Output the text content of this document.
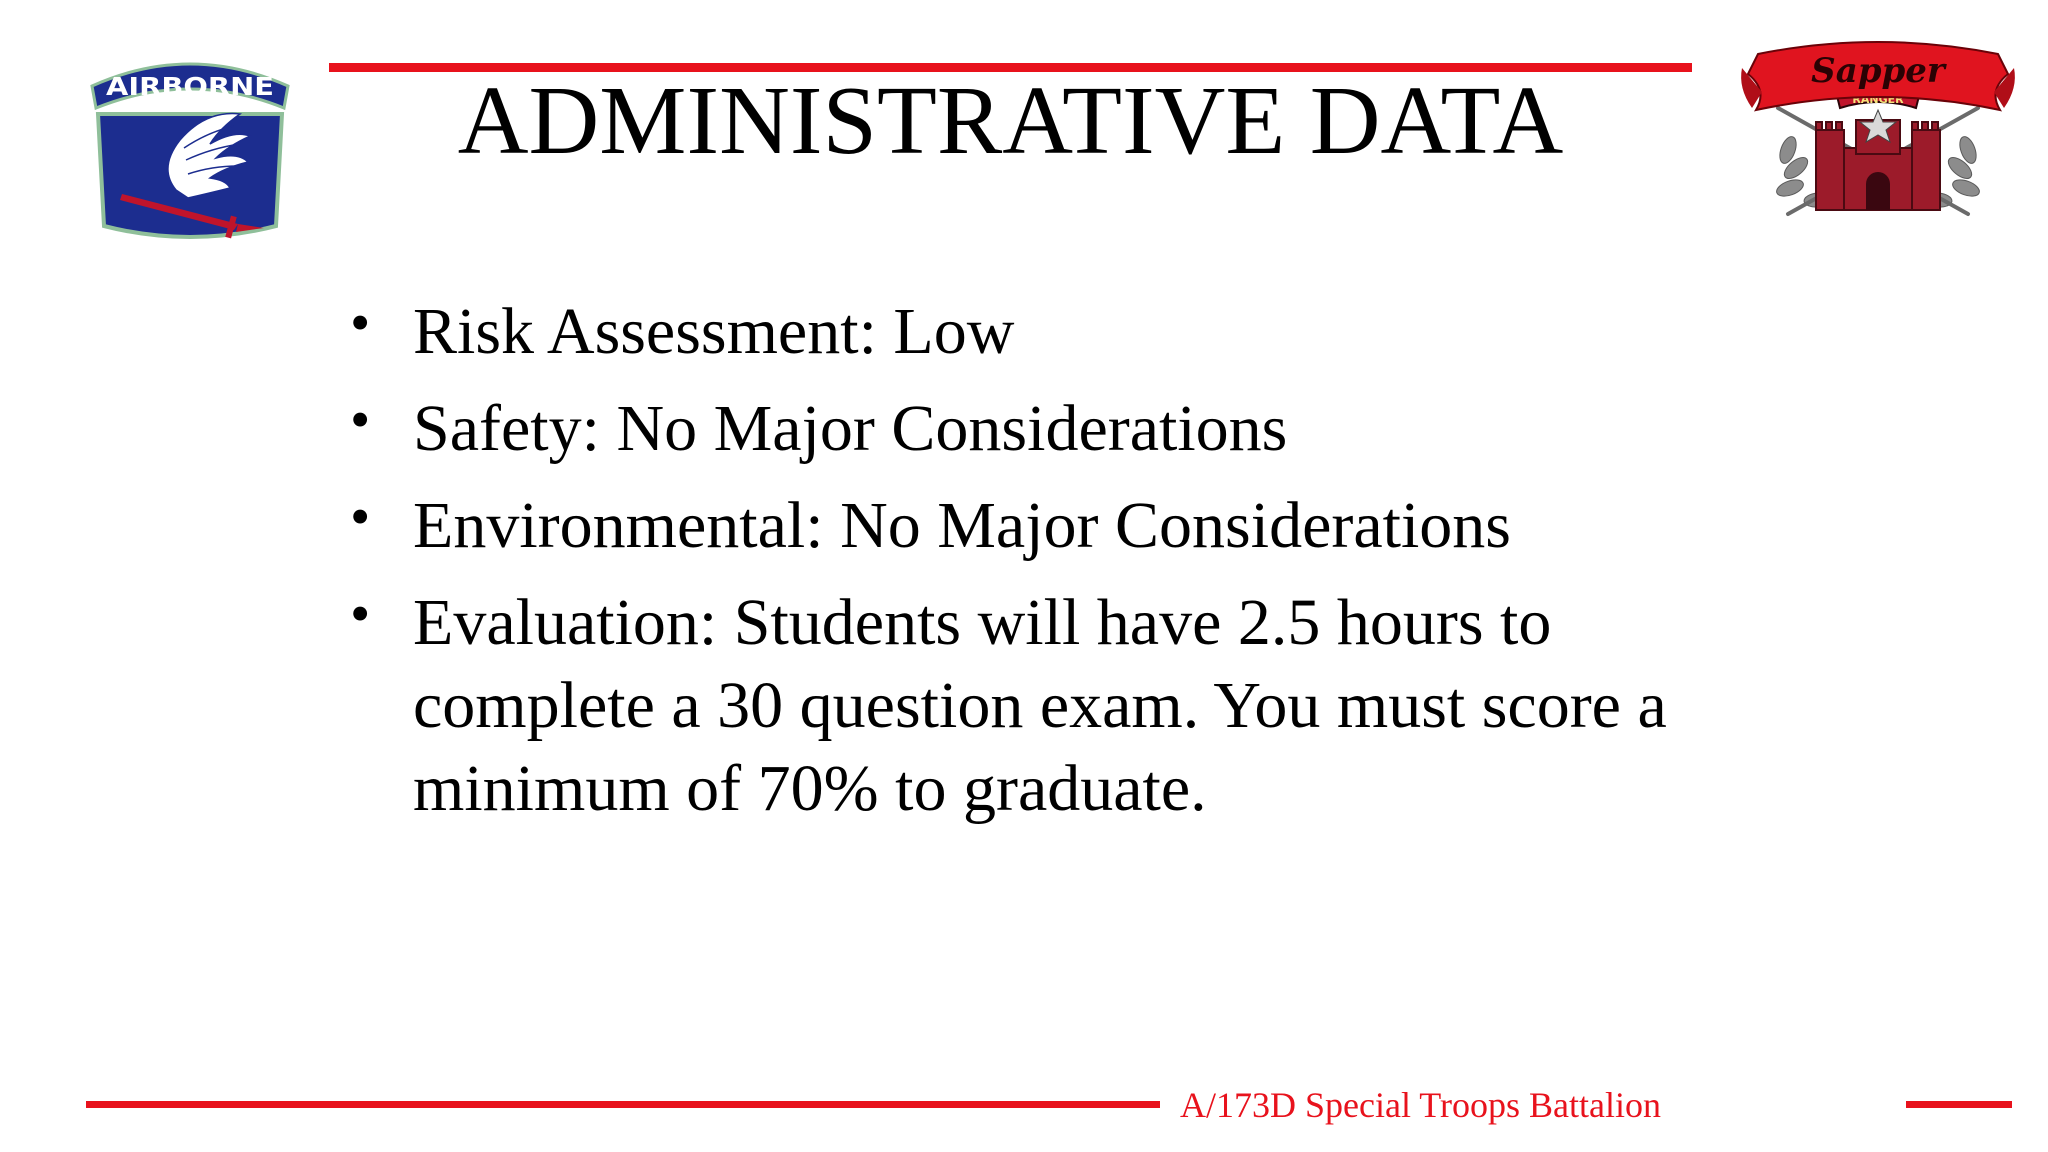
AIRBORNE	ADMINISTRATIVE DATA	RANGER
Sapper
• Risk Assessment: Low
• Safety: No Major Considerations
• Environmental: No Major Considerations
• Evaluation: Students will have 2.5 hours to complete a 30 question exam. You must score a minimum of 70% to graduate.
A/173D Special Troops Battalion
